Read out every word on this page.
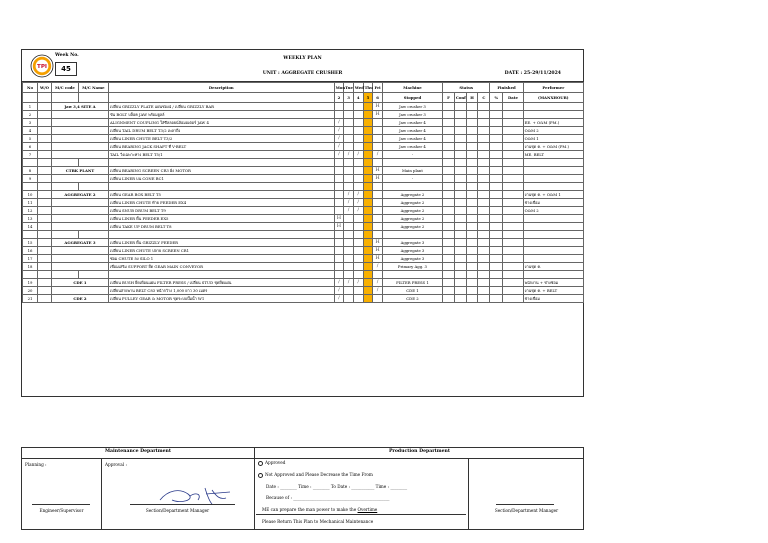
TPI
Week No.
45
WEEKLY PLAN
UNIT : AGGREGATE CRUSHER	DATE : 25-29/11/2024
No	W/O	M/C code	M/C Name	Description	Mon	Tue	Wed	Thu	Fri	Machine	Status				Finished		Performer
					2	3	4	5	6	Stopped	F	Conf	H	C	%	Date	(MANXHOUR)
1		Jaw 3,4 SITE A		เปลี่ยน GRIZZLY PLATE แผ่นช่อง4 / เปลี่ยน GRIZZLY BAR					H	Jaw crusher 3							
2				ขัน BOLT บล็อค JAW พร้อมยูลล์					H	Jaw crusher 3							
3				ALIGNMENT COUPLING ใส่ซีลลอยน์ล้อมอเตอร์ JAW 4	/					Jaw crusher 4							EE. + O&M (PM.)
4				เปลี่ยน TAIL DRUM BELT T3/2 เพลาถึง	/					Jaw crusher 4							O&M 2
5				เปลี่ยน LINER CHUTE BELT T3/2	/					Jaw crusher 4							O&M 1
6				เปลี่ยน BEARING JACK SHAFT ที่ V-BELT	/					Jaw crusher 4							งานชุด ค. + O&M (PM.)
7				TAIL วิ่งเฉพาะทาง BELT T5/1	/	/	/		/	-							ME. BELT

8		CTBK PLANT		เปลี่ยน BEARING SCREEN CR3 ฝั่ง MOTOR					H	Main plant							
9				เปลี่ยน LINER บน CONE BC1					H	-							

10		AGGREGATE 2		เปลี่ยน GEAR BOX BELT T5		/	/			Aggregate 2							งานชุด ค. + O&M 1
11				เปลี่ยน LINER CHUTE ท้าย FEEDER EX4		/	/			Aggregate 2							ช่างเชื่อม
12				เปลี่ยน SNUB DRUM BELT T9		/	/			Aggregate 2							O&M 2
13				เปลี่ยน LINER พื้น FEEDER EX5	H					Aggregate 2							
14				เปลี่ยน TAKE UP DRUM BELT T8	H					Aggregate 2							

15		AGGREGATE 3		เปลี่ยน LINER พื้น GRIZZLY FEEDER					H	Aggregate 3							
16				เปลี่ยน LINER CHUTE ปลาย SCREEN CR1					H	Aggregate 3							
17				ซ่อม CHUTE ลง SILO 1					H	Aggregate 3							
18				เชื่อมเสริม SUPPORT ยึด GEAR MAIN CONVEYOR					/	Primary Agg. 3							งานชุด ค.

19		CDE 1		เปลี่ยน BUSH ยึดเพื่อนแผ่น FILTER PRESS / เปลี่ยน STUD ชุดยึดแผ่น	/	/	/		/	FILTER PRESS 1							พนักงาน + ช่างซ่อม
20				เปลี่ยนสายพาน BELT C83 หน้ากว้าง 1,000 ยาว 30 เมตร	/				/	CDE 1							งานชุด ค. + BELT
21		CDE 2		เปลี่ยน PULLEY GEAR & MOTOR ชุดระบบปั๊มน้ำ W1	/					CDE 2							ช่างเชื่อม
Maintenance Department	Production Department
Planning :	Approval :
Engineer/Supervisor	Section/Department Manager
Approved
Not Approved and Please Decrease the Time From
Date : ________ Time : ________ To Date : ___________ Time : ________
Because of : ______________________________________________
ME can prepare the man power to make the Overtime
Please Return This Plan to Mechanical Maintenance
Section/Department Manager
